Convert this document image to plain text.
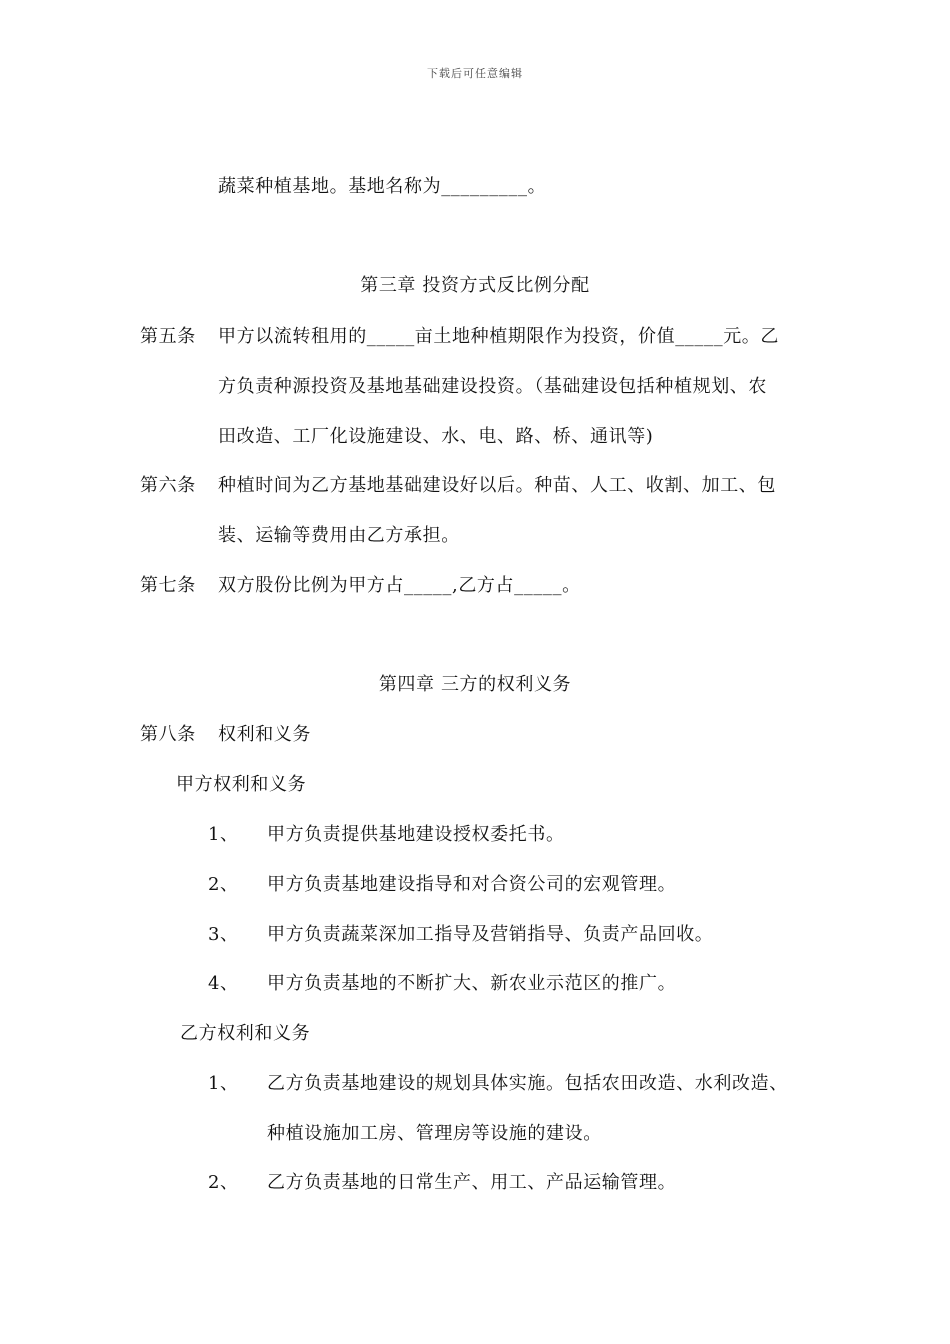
下载后可任意编辑
蔬菜种植基地。基地名称为_________。
第三章 投资方式反比例分配
第五条 甲方以流转租用的_____亩土地种植期限作为投资，价值_____元。乙
方负责种源投资及基地基础建设投资。（基础建设包括种植规划、农
田改造、工厂化设施建设、水、电、路、桥、通讯等)
第六条 种植时间为乙方基地基础建设好以后。种苗、人工、收割、加工、包
装、运输等费用由乙方承担。
第七条 双方股份比例为甲方占_____,乙方占_____。
第四章 三方的权利义务
第八条 权利和义务
甲方权利和义务
1、 甲方负责提供基地建设授权委托书。
2、 甲方负责基地建设指导和对合资公司的宏观管理。
3、 甲方负责蔬菜深加工指导及营销指导、负责产品回收。
4、 甲方负责基地的不断扩大、新农业示范区的推广。
乙方权利和义务
1、 乙方负责基地建设的规划具体实施。包括农田改造、水利改造、
种植设施加工房、管理房等设施的建设。
2、 乙方负责基地的日常生产、用工、产品运输管理。
